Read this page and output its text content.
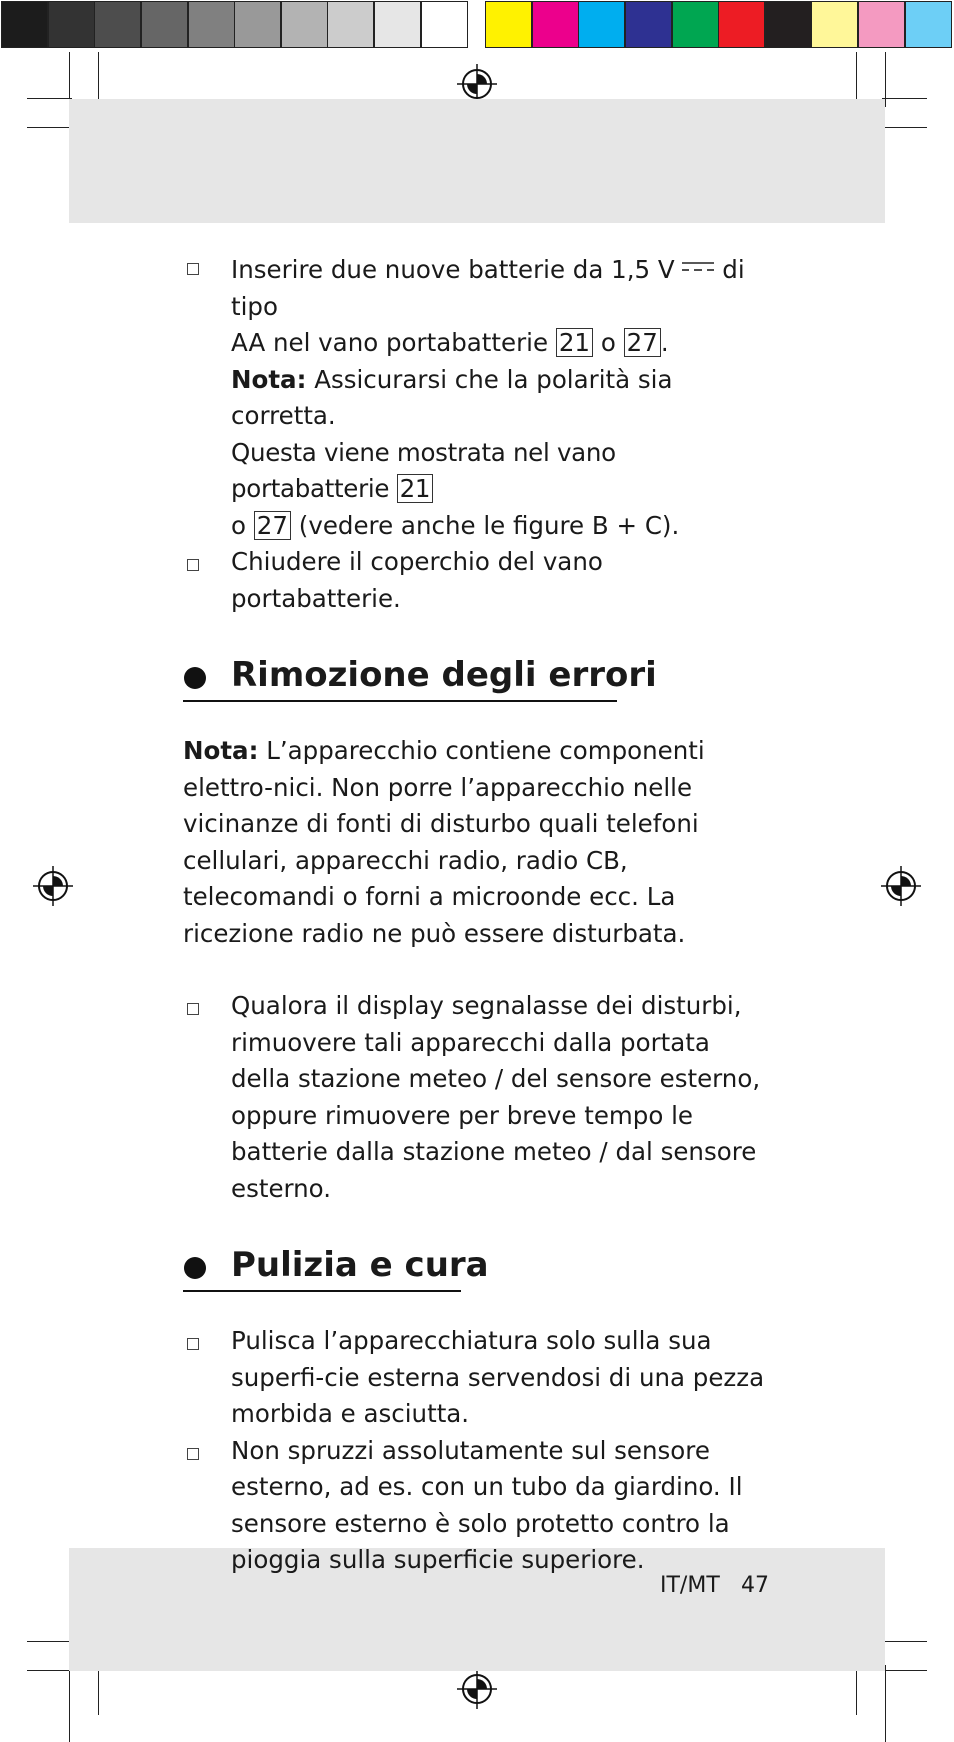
Inserire due nuove batterie da 1,5 V di tipo
AA nel vano portabatterie 21 o 27 .
Nota: Assicurarsi che la polarità sia corretta.
Questa viene mostrata nel vano portabatterie 21
o 27 (vedere anche le figure B + C).
Chiudere il coperchio del vano portabatterie.
Rimozione degli errori
Nota: L’apparecchio contiene componenti elettro-nici. Non porre l’apparecchio nelle vicinanze di fonti di disturbo quali telefoni cellulari, apparecchi radio, radio CB, telecomandi o forni a microonde ecc. La ricezione radio ne può essere disturbata.
Qualora il display segnalasse dei disturbi, rimuovere tali apparecchi dalla portata della stazione meteo / del sensore esterno, oppure rimuovere per breve tempo le batterie dalla stazione meteo / dal sensore esterno.
Pulizia e cura
Pulisca l’apparecchiatura solo sulla sua superfi-cie esterna servendosi di una pezza morbida e asciutta.
Non spruzzi assolutamente sul sensore esterno, ad es. con un tubo da giardino. Il sensore esterno è solo protetto contro la pioggia sulla superficie superiore.
IT/MT 47
